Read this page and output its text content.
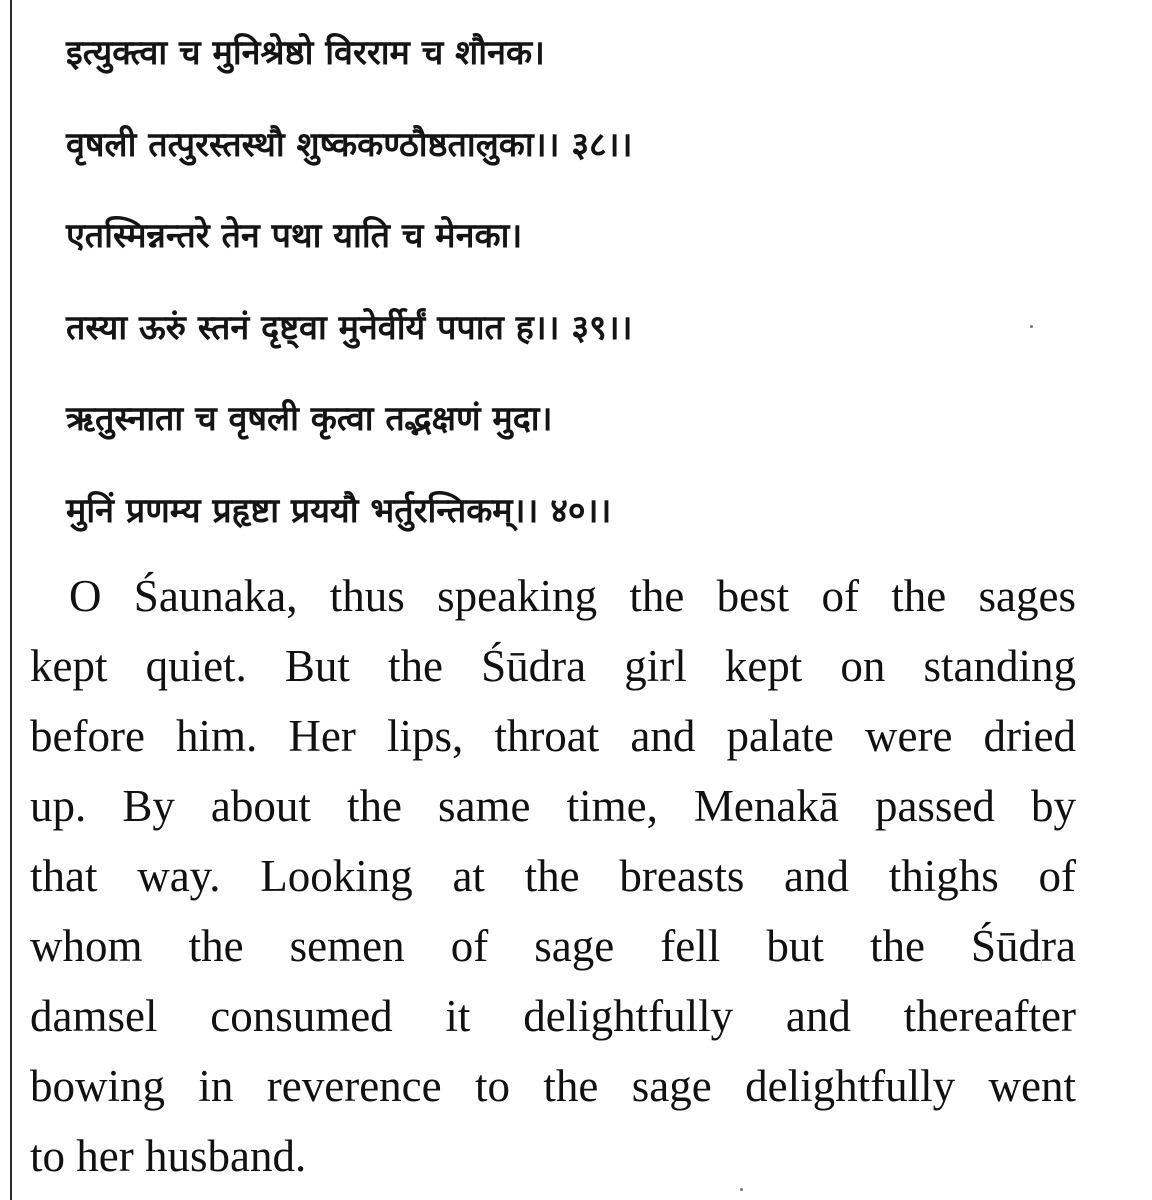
इत्युक्त्वा च मुनिश्रेष्ठो विरराम च शौनक।
वृषली तत्पुरस्तस्थौ शुष्ककण्ठौष्ठतालुका।। ३८।।
एतस्मिन्नन्तरे तेन पथा याति च मेनका।
तस्या ऊरुं स्तनं दृष्ट्वा मुनेर्वीर्यं पपात ह।। ३९।।
ऋतुस्नाता च वृषली कृत्वा तद्भक्षणं मुदा।
मुनिं प्रणम्य प्रहृष्टा प्रययौ भर्तुरन्तिकम्।। ४०।।
O Śaunaka, thus speaking the best of the sages
kept quiet. But the Śūdra girl kept on standing
before him. Her lips, throat and palate were dried
up. By about the same time, Menakā passed by
that way. Looking at the breasts and thighs of
whom the semen of sage fell but the Śūdra
damsel consumed it delightfully and thereafter
bowing in reverence to the sage delightfully went
to her husband.
